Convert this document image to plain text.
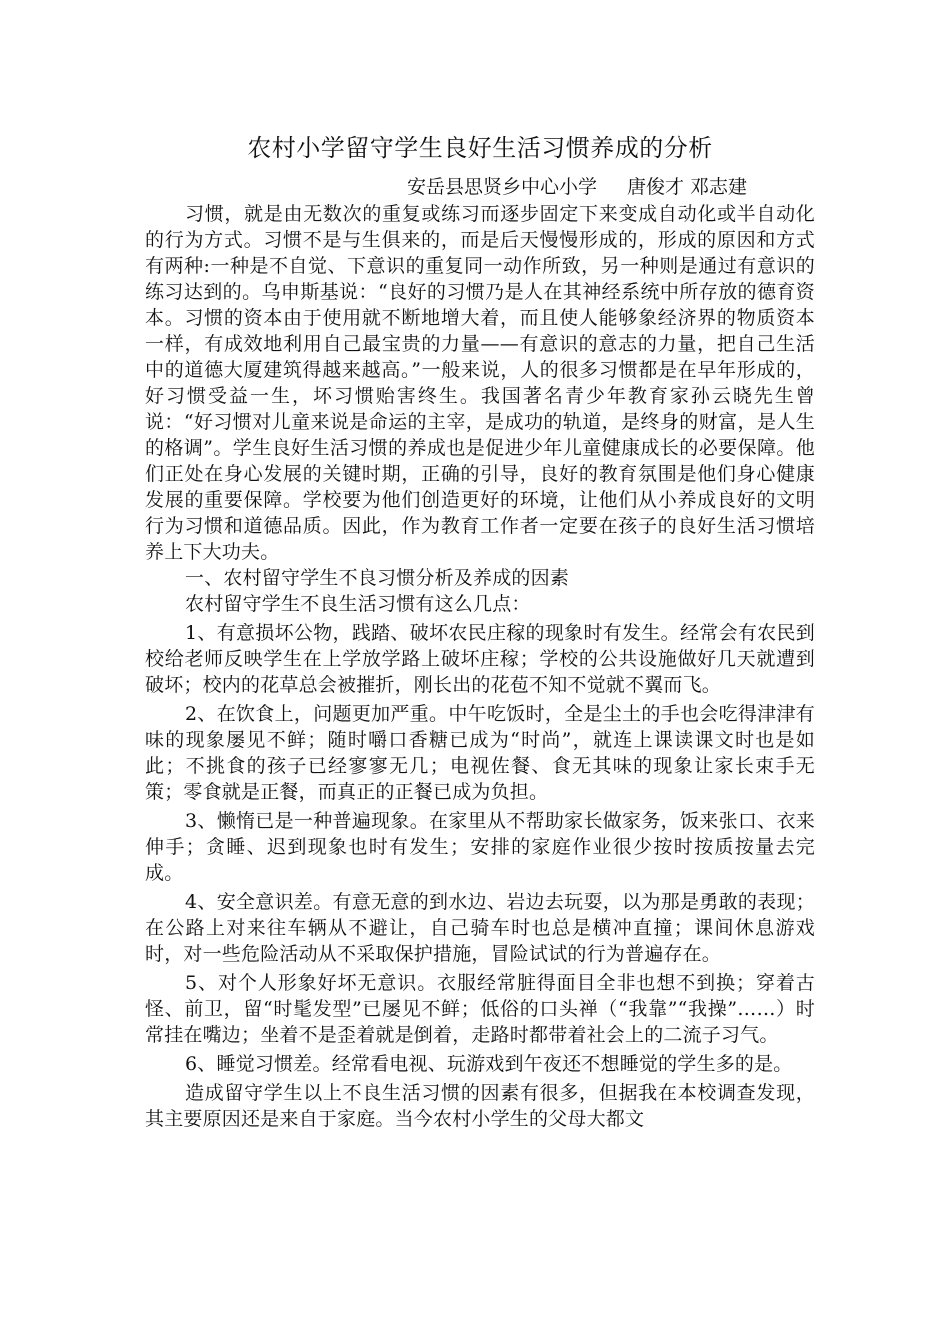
农村小学留守学生良好生活习惯养成的分析
安岳县思贤乡中心小学 唐俊才 邓志建

习惯，就是由无数次的重复或练习而逐步固定下来变成自动化或半自动化的行为方式。习惯不是与生俱来的，而是后天慢慢形成的，形成的原因和方式有两种:一种是不自觉、下意识的重复同一动作所致，另一种则是通过有意识的练习达到的。乌申斯基说：“良好的习惯乃是人在其神经系统中所存放的德育资本。习惯的资本由于使用就不断地增大着，而且使人能够象经济界的物质资本一样，有成效地利用自己最宝贵的力量——有意识的意志的力量，把自己生活中的道德大厦建筑得越来越高。”一般来说，人的很多习惯都是在早年形成的，好习惯受益一生，坏习惯贻害终生。我国著名青少年教育家孙云晓先生曾说：“好习惯对儿童来说是命运的主宰，是成功的轨道，是终身的财富，是人生的格调”。学生良好生活习惯的养成也是促进少年儿童健康成长的必要保障。他们正处在身心发展的关键时期，正确的引导，良好的教育氛围是他们身心健康发展的重要保障。学校要为他们创造更好的环境，让他们从小养成良好的文明行为习惯和道德品质。因此，作为教育工作者一定要在孩子的良好生活习惯培养上下大功夫。

一、农村留守学生不良习惯分析及养成的因素

农村留守学生不良生活习惯有这么几点：

1、有意损坏公物，践踏、破坏农民庄稼的现象时有发生。经常会有农民到校给老师反映学生在上学放学路上破坏庄稼；学校的公共设施做好几天就遭到破坏；校内的花草总会被摧折，刚长出的花苞不知不觉就不翼而飞。

2、在饮食上，问题更加严重。中午吃饭时，全是尘土的手也会吃得津津有味的现象屡见不鲜；随时嚼口香糖已成为“时尚”，就连上课读课文时也是如此；不挑食的孩子已经寥寥无几；电视佐餐、食无其味的现象让家长束手无策；零食就是正餐，而真正的正餐已成为负担。

3、懒惰已是一种普遍现象。在家里从不帮助家长做家务，饭来张口、衣来伸手；贪睡、迟到现象也时有发生；安排的家庭作业很少按时按质按量去完成。

4、安全意识差。有意无意的到水边、岩边去玩耍，以为那是勇敢的表现；在公路上对来往车辆从不避让，自己骑车时也总是横冲直撞；课间休息游戏时，对一些危险活动从不采取保护措施，冒险试试的行为普遍存在。

5、对个人形象好坏无意识。衣服经常脏得面目全非也想不到换；穿着古怪、前卫，留“时髦发型”已屡见不鲜；低俗的口头禅（“我靠”“我操”……）时常挂在嘴边；坐着不是歪着就是倒着，走路时都带着社会上的二流子习气。

6、睡觉习惯差。经常看电视、玩游戏到午夜还不想睡觉的学生多的是。

造成留守学生以上不良生活习惯的因素有很多，但据我在本校调查发现，其主要原因还是来自于家庭。当今农村小学生的父母大都文
